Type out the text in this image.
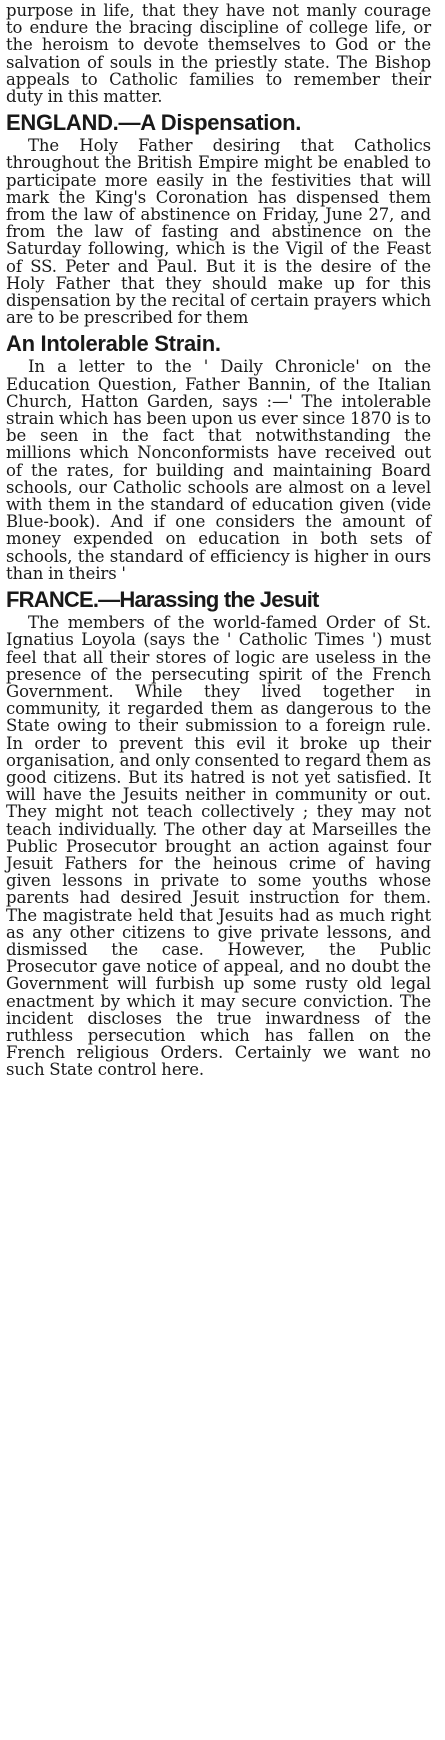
purpose in life, that they have not manly courage to endure the bracing discipline of college life, or the heroism to devote themselves to God or the salvation of souls in the priestly state. The Bishop appeals to Catholic families to remember their duty in this matter.

ENGLAND.—A Dispensation.

The Holy Father desiring that Catholics throughout the British Empire might be enabled to participate more easily in the festivities that will mark the King's Coronation has dispensed them from the law of abstinence on Friday, June 27, and from the law of fasting and abstinence on the Saturday following, which is the Vigil of the Feast of SS. Peter and Paul. But it is the desire of the Holy Father that they should make up for this dispensation by the recital of certain prayers which are to be prescribed for them

An Intolerable Strain.

In a letter to the ' Daily Chronicle' on the Education Question, Father Bannin, of the Italian Church, Hatton Garden, says :—' The intolerable strain which has been upon us ever since 1870 is to be seen in the fact that notwithstanding the millions which Nonconformists have received out of the rates, for building and maintaining Board schools, our Catholic schools are almost on a level with them in the standard of education given (vide Blue-book). And if one considers the amount of money expended on education in both sets of schools, the standard of efficiency is higher in ours than in theirs '

FRANCE.—Harassing the Jesuit

The members of the world-famed Order of St. Ignatius Loyola (says the ' Catholic Times ') must feel that all their stores of logic are useless in the presence of the persecuting spirit of the French Government. While they lived together in community, it regarded them as dangerous to the State owing to their submission to a foreign rule. In order to prevent this evil it broke up their organisation, and only consented to regard them as good citizens. But its hatred is not yet satisfied. It will have the Jesuits neither in community or out. They might not teach collectively ; they may not teach individually. The other day at Marseilles the Public Prosecutor brought an action against four Jesuit Fathers for the heinous crime of having given lessons in private to some youths whose parents had desired Jesuit instruction for them. The magistrate held that Jesuits had as much right as any other citizens to give private lessons, and dismissed the case. However, the Public Prosecutor gave notice of appeal, and no doubt the Government will furbish up some rusty old legal enactment by which it may secure conviction. The incident discloses the true inwardness of the ruthless persecution which has fallen on the French religious Orders. Certainly we want no such State control here.
